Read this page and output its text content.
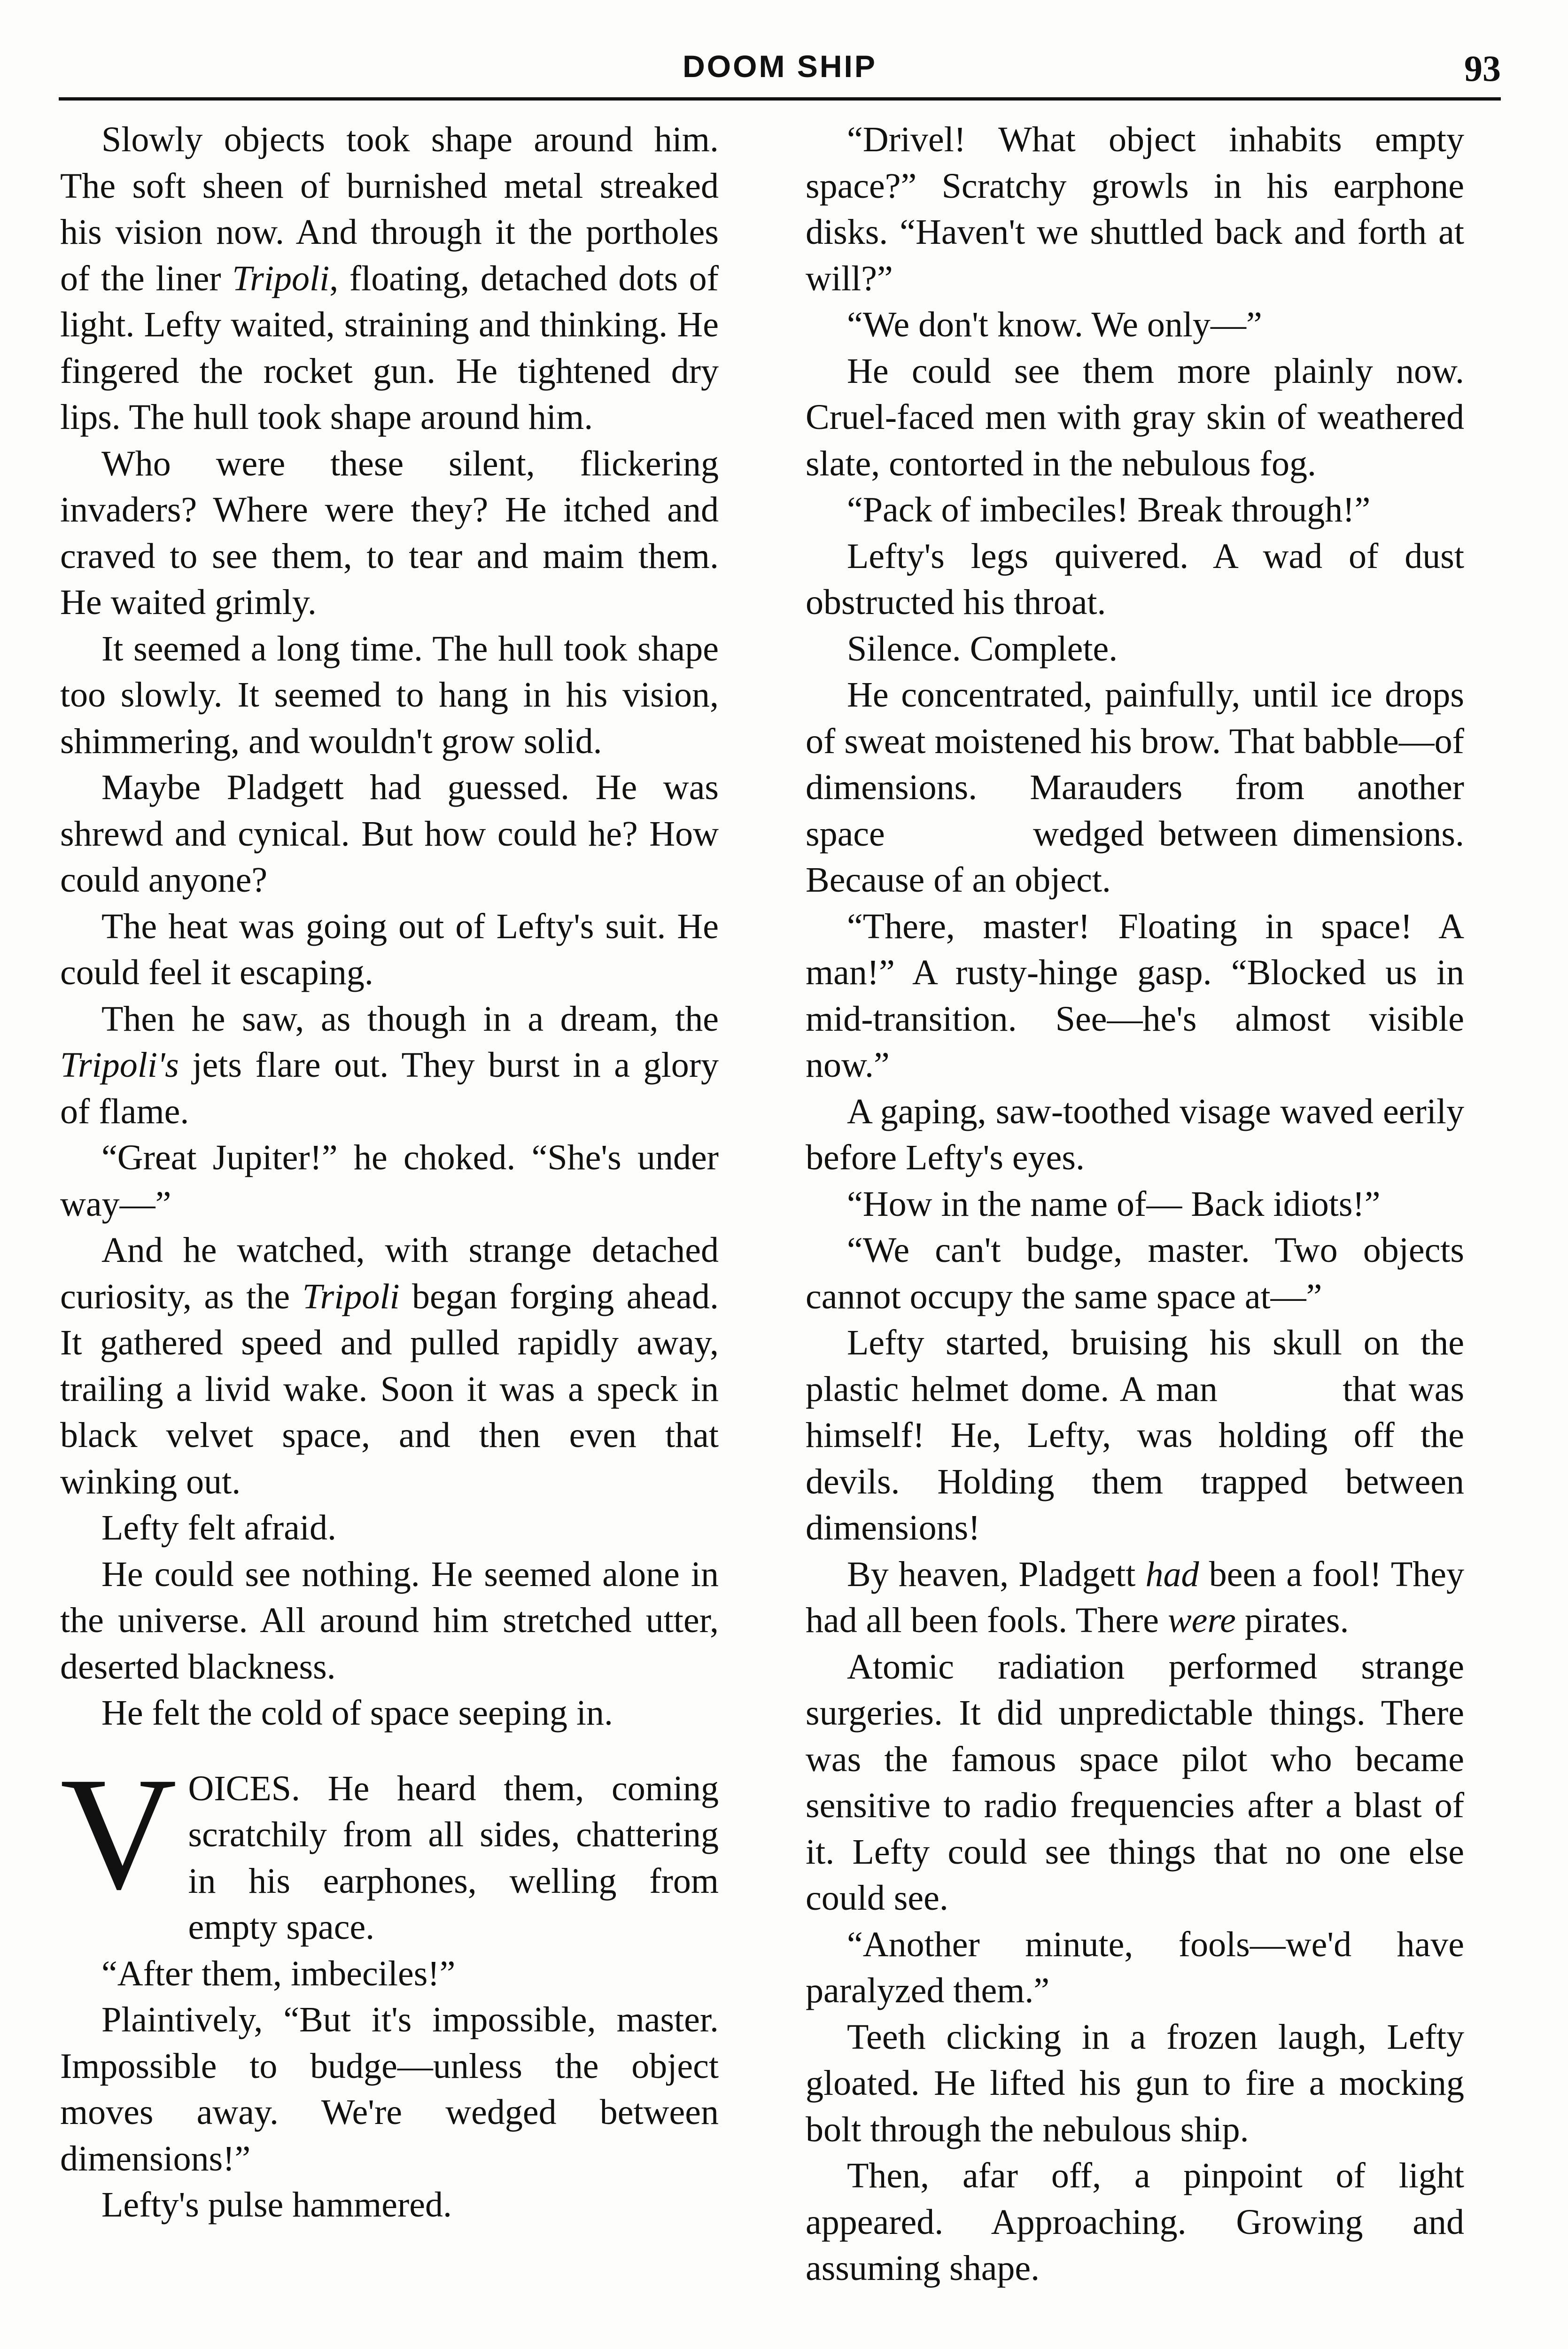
DOOM SHIP	93

Slowly objects took shape around him. The soft sheen of burnished metal streaked his vision now. And through it the portholes of the liner Tripoli, floating, detached dots of light. Lefty waited, straining and thinking. He fingered the rocket gun. He tightened dry lips. The hull took shape around him.

Who were these silent, flickering invaders? Where were they? He itched and craved to see them, to tear and maim them. He waited grimly.

It seemed a long time. The hull took shape too slowly. It seemed to hang in his vision, shimmering, and wouldn't grow solid.

Maybe Pladgett had guessed. He was shrewd and cynical. But how could he? How could anyone?

The heat was going out of Lefty's suit. He could feel it escaping.

Then he saw, as though in a dream, the Tripoli's jets flare out. They burst in a glory of flame.

“Great Jupiter!” he choked. “She's under way—”

And he watched, with strange detached curiosity, as the Tripoli began forging ahead. It gathered speed and pulled rapidly away, trailing a livid wake. Soon it was a speck in black velvet space, and then even that winking out.

Lefty felt afraid.

He could see nothing. He seemed alone in the universe. All around him stretched utter, deserted blackness.

He felt the cold of space seeping in.

VOICES. He heard them, coming scratchily from all sides, chattering in his earphones, welling from empty space.

“After them, imbeciles!”

Plaintively, “But it's impossible, master. Impossible to budge—unless the object moves away. We're wedged between dimensions!”

Lefty's pulse hammered.

“Drivel! What object inhabits empty space?” Scratchy growls in his earphone disks. “Haven't we shuttled back and forth at will?”

“We don't know. We only—”

He could see them more plainly now. Cruel-faced men with gray skin of weathered slate, contorted in the nebulous fog.

“Pack of imbeciles! Break through!”

Lefty's legs quivered. A wad of dust obstructed his throat.

Silence. Complete.

He concentrated, painfully, until ice drops of sweat moistened his brow. That babble—of dimensions. Marauders from another space	wedged between dimensions. Because of an object.

“There, master! Floating in space! A man!” A rusty-hinge gasp. “Blocked us in mid-transition. See—he's almost visible now.”

A gaping, saw-toothed visage waved eerily before Lefty's eyes.

“How in the name of— Back idiots!”

“We can't budge, master. Two objects cannot occupy the same space at—”

Lefty started, bruising his skull on the plastic helmet dome. A man	that was himself! He, Lefty, was holding off the devils. Holding them trapped between dimensions!

By heaven, Pladgett had been a fool! They had all been fools. There were pirates.

Atomic radiation performed strange surgeries. It did unpredictable things. There was the famous space pilot who became sensitive to radio frequencies after a blast of it. Lefty could see things that no one else could see.

“Another minute, fools—we'd have paralyzed them.”

Teeth clicking in a frozen laugh, Lefty gloated. He lifted his gun to fire a mocking bolt through the nebulous ship.

Then, afar off, a pinpoint of light appeared. Approaching. Growing and assuming shape.
